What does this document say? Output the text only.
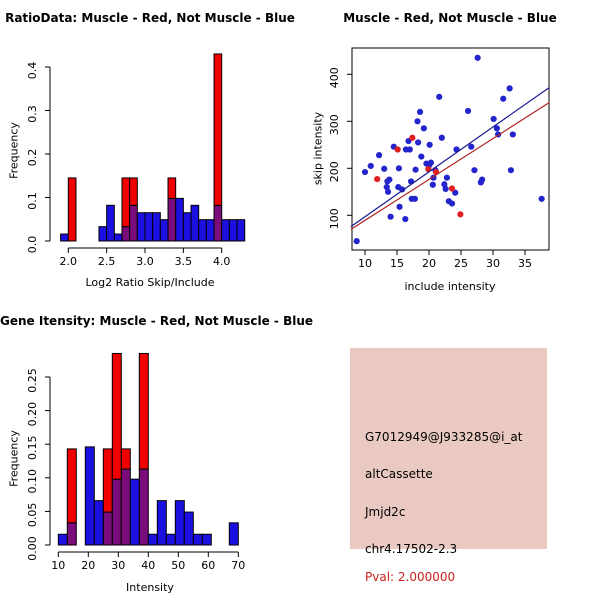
0.0
0.1
0.2
0.3
0.4
2.0 2.5 3.0 3.5 4.0
RatioData: Muscle - Red, Not Muscle - Blue
Frequency
Log2 Ratio Skip/Include
10 15 20 25 30 35
100
200
300
400
Muscle - Red, Not Muscle - Blue
skip intensity
include intensity
0.00
0.05
0.10
0.15
0.20
0.25
10 20 30 40 50 60 70
Gene Itensity: Muscle - Red, Not Muscle - Blue
Frequency
Intensity
G7012949@J933285@i_at
altCassette
Jmjd2c
chr4.17502-2.3
Pval: 2.000000
